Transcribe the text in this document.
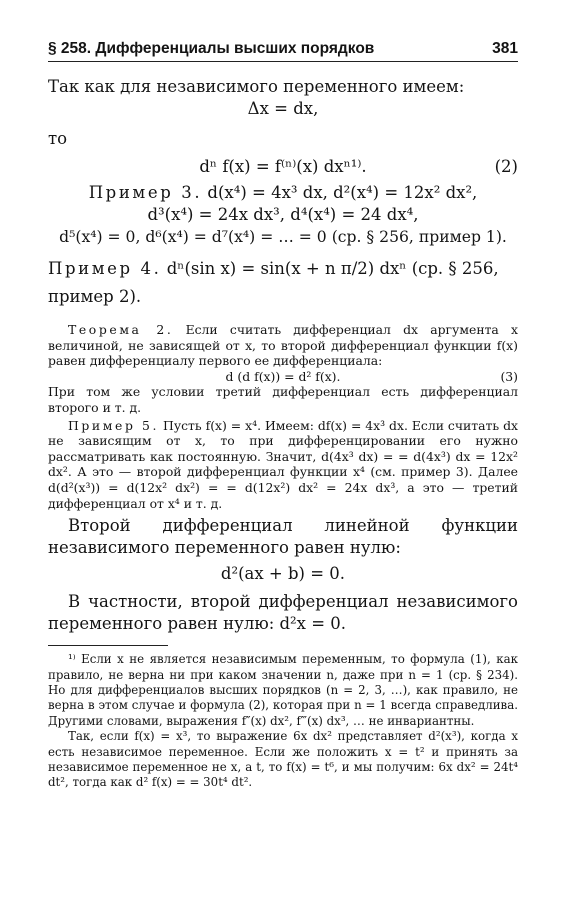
§ 258. Дифференциалы высших порядков	381
Так как для независимого переменного имеем:
Δx = dx,
то
dⁿ f(x) = f⁽ⁿ⁾(x) dxⁿ¹⁾.	(2)
Пример 3. d(x⁴) = 4x³ dx, d²(x⁴) = 12x² dx²,
d³(x⁴) = 24x dx³, d⁴(x⁴) = 24 dx⁴,
d⁵(x⁴) = 0, d⁶(x⁴) = d⁷(x⁴) = … = 0 (ср. § 256, пример 1).
Пример 4. dⁿ(sin x) = sin(x + n π/2) dxⁿ (ср. § 256,
пример 2).
Теорема 2. Если считать дифференциал dx аргумента x величиной, не зависящей от x, то второй дифференциал функции f(x) равен дифференциалу первого ее дифференциала:
d (d f(x)) = d² f(x).	(3)
При том же условии третий дифференциал есть дифференциал второго и т. д.
Пример 5. Пусть f(x) = x⁴. Имеем: df(x) = 4x³ dx. Если считать dx не зависящим от x, то при дифференцировании его нужно рассматривать как постоянную. Значит, d(4x³ dx) = = d(4x³) dx = 12x² dx². А это — второй дифференциал функции x⁴ (см. пример 3). Далее d(d²(x³)) = d(12x² dx²) = = d(12x²) dx² = 24x dx³, а это — третий дифференциал от x⁴ и т. д.
Второй дифференциал линейной функции независимого переменного равен нулю:
d²(ax + b) = 0.
В частности, второй дифференциал независимого переменного равен нулю: d²x = 0.
¹⁾ Если x не является независимым переменным, то формула (1), как правило, не верна ни при каком значении n, даже при n = 1 (ср. § 234). Но для дифференциалов высших порядков (n = 2, 3, …), как правило, не верна в этом случае и формула (2), которая при n = 1 всегда справедлива. Другими словами, выражения f″(x) dx², f‴(x) dx³, … не инвариантны.
Так, если f(x) = x³, то выражение 6x dx² представляет d²(x³), когда x есть независимое переменное. Если же положить x = t² и принять за независимое переменное не x, а t, то f(x) = t⁶, и мы получим: 6x dx² = 24t⁴ dt², тогда как d² f(x) = = 30t⁴ dt².
